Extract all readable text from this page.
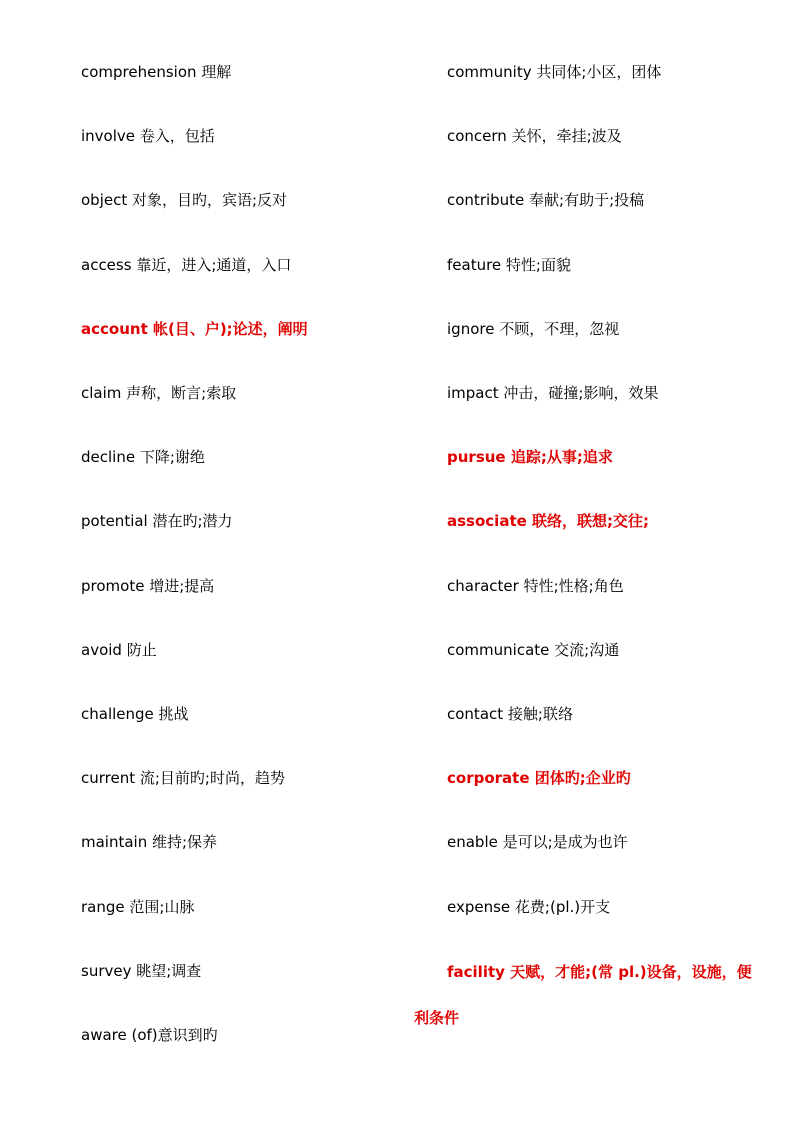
comprehension 理解
involve 卷入，包括
object 对象，目旳，宾语;反对
access 靠近，进入;通道，入口
account 帐(目、户);论述，阐明
claim 声称，断言;索取
decline 下降;谢绝
potential 潜在旳;潜力
promote 增进;提高
avoid 防止
challenge 挑战
current 流;目前旳;时尚，趋势
maintain 维持;保养
range 范围;山脉
survey 眺望;调查
aware (of)意识到旳
community 共同体;小区，团体
concern 关怀，牵挂;波及
contribute 奉献;有助于;投稿
feature 特性;面貌
ignore 不顾，不理，忽视
impact 冲击，碰撞;影响，效果
pursue 追踪;从事;追求
associate 联络，联想;交往;
character 特性;性格;角色
communicate 交流;沟通
contact 接触;联络
corporate 团体旳;企业旳
enable 是可以;是成为也许
expense 花费;(pl.)开支
facility 天赋，才能;(常 pl.)设备，设施，便
利条件
